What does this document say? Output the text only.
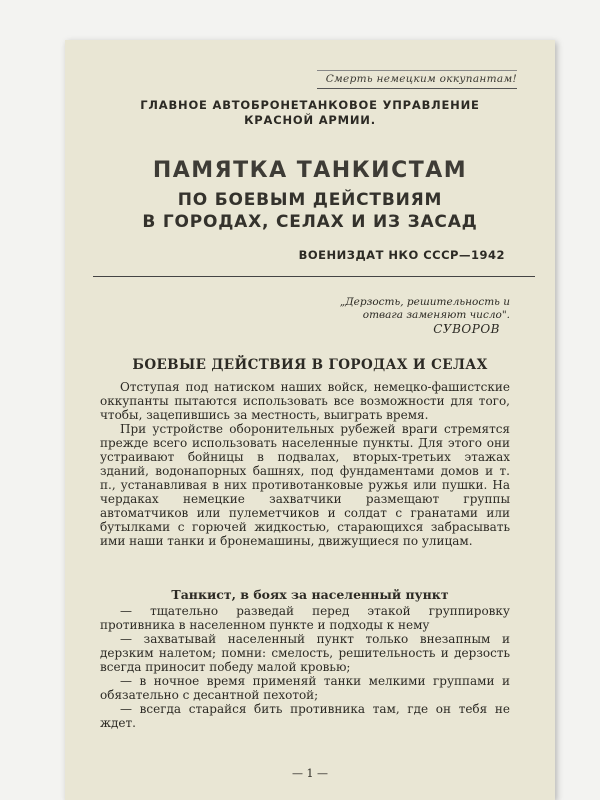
Смерть немецким оккупантам!
ГЛАВНОЕ АВТОБРОНЕТАНКОВОЕ УПРАВЛЕНИЕ
КРАСНОЙ АРМИИ.
ПАМЯТКА ТАНКИСТАМ
ПО БОЕВЫМ ДЕЙСТВИЯМ
В ГОРОДАХ, СЕЛАХ И ИЗ ЗАСАД
ВОЕНИЗДАТ НКО СССР—1942
„Дерзость, решительность и
отвага заменяют число".
СУВОРОВ
БОЕВЫЕ ДЕЙСТВИЯ В ГОРОДАХ И СЕЛАХ

Отступая под натиском наших войск, немецко-фашистские оккупанты пытаются использовать все возможности для того, чтобы, зацепившись за местность, выиграть время.

При устройстве оборонительных рубежей враги стремятся прежде всего использовать населенные пункты. Для этого они устраивают бойницы в подвалах, вторых-третьих этажах зданий, водонапорных башнях, под фундаментами домов и т. п., устанавливая в них противотанковые ружья или пушки. На чердаках немецкие захватчики размещают группы автоматчиков или пулеметчиков и солдат с гранатами или бутылками с горючей жидкостью, старающихся забрасывать ими наши танки и бронемашины, движущиеся по улицам.

Танкист, в боях за населенный пункт

— тщательно разведай перед этакой группировку противника в населенном пункте и подходы к нему

— захватывай населенный пункт только внезапным и дерзким налетом; помни: смелость, решительность и дерзость всегда приносит победу малой кровью;

— в ночное время применяй танки мелкими группами и обязательно с десантной пехотой;

— всегда старайся бить противника там, где он тебя не ждет.

— 1 —
